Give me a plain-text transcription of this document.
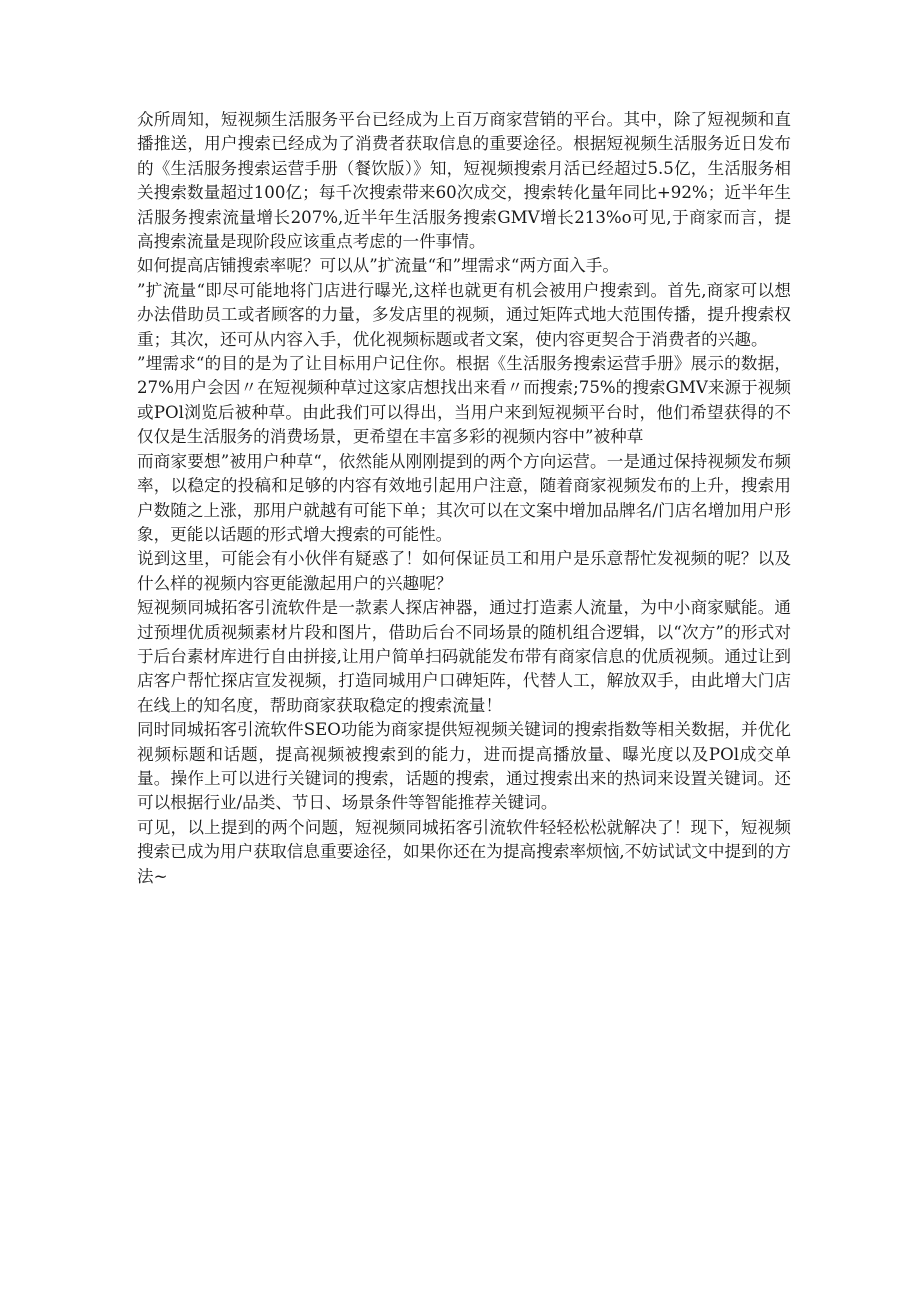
众所周知，短视频生活服务平台已经成为上百万商家营销的平台。其中，除了短视频和直播推送，用户搜索已经成为了消费者获取信息的重要途径。根据短视频生活服务近日发布的《生活服务搜索运营手册（餐饮版）》知，短视频搜索月活已经超过5.5亿，生活服务相关搜索数量超过100亿；每千次搜索带来60次成交，搜索转化量年同比+92%；近半年生活服务搜索流量增长207%,近半年生活服务搜索GMV增长213%o可见,于商家而言，提高搜索流量是现阶段应该重点考虑的一件事情。

如何提高店铺搜索率呢？可以从”扩流量“和”埋需求“两方面入手。

”扩流量“即尽可能地将门店进行曝光,这样也就更有机会被用户搜索到。首先,商家可以想办法借助员工或者顾客的力量，多发店里的视频，通过矩阵式地大范围传播，提升搜索权重；其次，还可从内容入手，优化视频标题或者文案，使内容更契合于消费者的兴趣。

”埋需求“的目的是为了让目标用户记住你。根据《生活服务搜索运营手册》展示的数据，27%用户会因〃在短视频种草过这家店想找出来看〃而搜索;75%的搜索GMV来源于视频或POl浏览后被种草。由此我们可以得出，当用户来到短视频平台时，他们希望获得的不仅仅是生活服务的消费场景，更希望在丰富多彩的视频内容中”被种草

而商家要想”被用户种草“，依然能从刚刚提到的两个方向运营。一是通过保持视频发布频率，以稳定的投稿和足够的内容有效地引起用户注意，随着商家视频发布的上升，搜索用户数随之上涨，那用户就越有可能下单；其次可以在文案中增加品牌名/门店名增加用户形象，更能以话题的形式增大搜索的可能性。

说到这里，可能会有小伙伴有疑惑了！如何保证员工和用户是乐意帮忙发视频的呢？以及什么样的视频内容更能激起用户的兴趣呢？

短视频同城拓客引流软件是一款素人探店神器，通过打造素人流量，为中小商家赋能。通过预埋优质视频素材片段和图片，借助后台不同场景的随机组合逻辑，以“次方”的形式对于后台素材库进行自由拼接,让用户简单扫码就能发布带有商家信息的优质视频。通过让到店客户帮忙探店宣发视频，打造同城用户口碑矩阵，代替人工，解放双手，由此增大门店在线上的知名度，帮助商家获取稳定的搜索流量！

同时同城拓客引流软件SEO功能为商家提供短视频关键词的搜索指数等相关数据，并优化视频标题和话题，提高视频被搜索到的能力，进而提高播放量、曝光度以及POl成交单量。操作上可以进行关键词的搜索，话题的搜索，通过搜索出来的热词来设置关键词。还可以根据行业/品类、节日、场景条件等智能推荐关键词。

可见，以上提到的两个问题，短视频同城拓客引流软件轻轻松松就解决了！现下，短视频搜索已成为用户获取信息重要途径，如果你还在为提高搜索率烦恼,不妨试试文中提到的方法~
